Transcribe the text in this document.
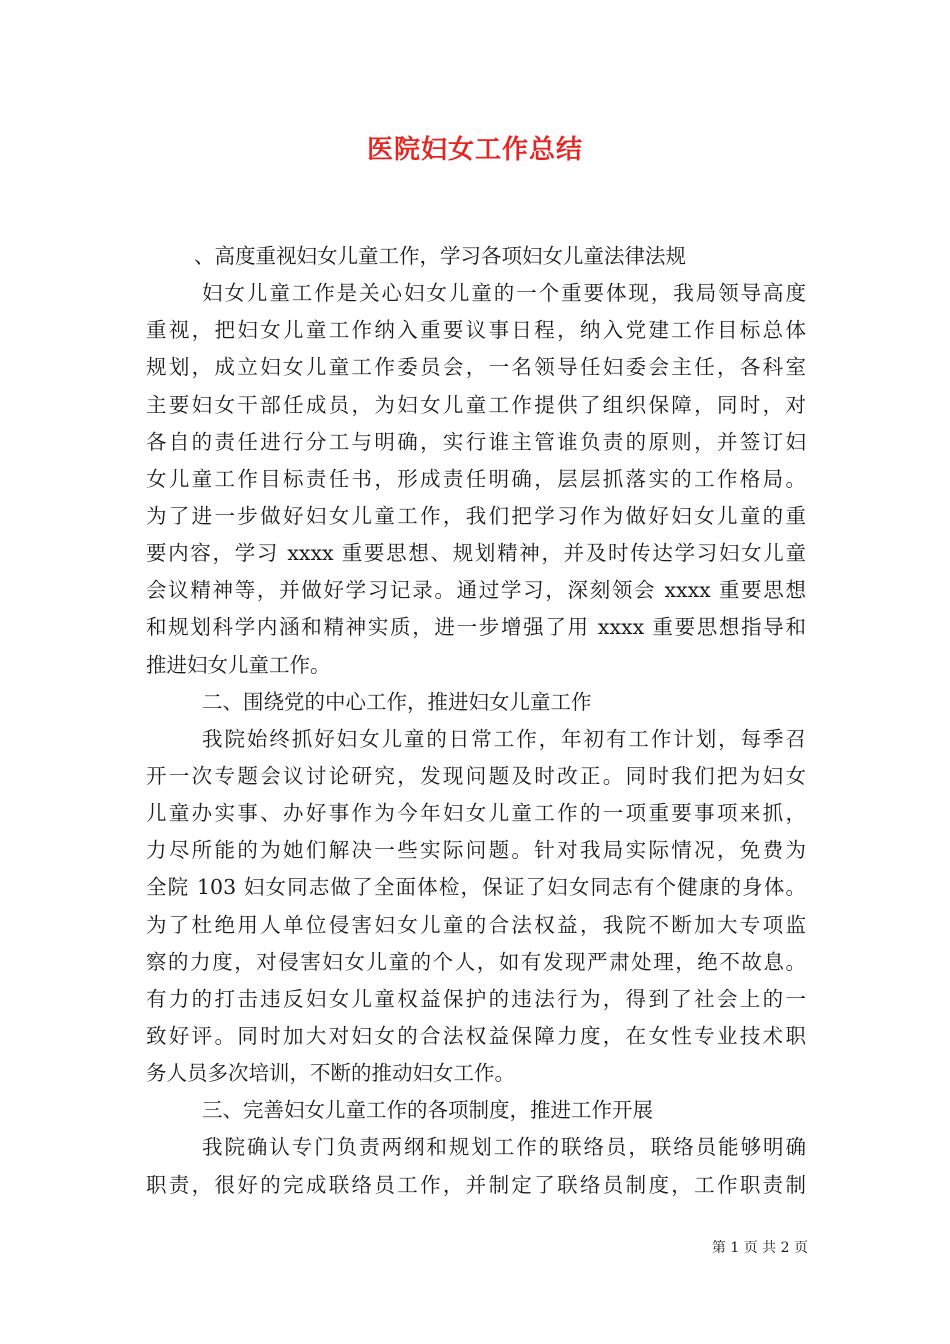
医院妇女工作总结
、高度重视妇女儿童工作，学习各项妇女儿童法律法规
妇女儿童工作是关心妇女儿童的一个重要体现，我局领导高度
重视，把妇女儿童工作纳入重要议事日程，纳入党建工作目标总体
规划，成立妇女儿童工作委员会，一名领导任妇委会主任，各科室
主要妇女干部任成员，为妇女儿童工作提供了组织保障，同时，对
各自的责任进行分工与明确，实行谁主管谁负责的原则，并签订妇
女儿童工作目标责任书，形成责任明确，层层抓落实的工作格局。
为了进一步做好妇女儿童工作，我们把学习作为做好妇女儿童的重
要内容，学习 xxxx 重要思想、规划精神，并及时传达学习妇女儿童
会议精神等，并做好学习记录。通过学习，深刻领会 xxxx 重要思想
和规划科学内涵和精神实质，进一步增强了用 xxxx 重要思想指导和
推进妇女儿童工作。
二、围绕党的中心工作，推进妇女儿童工作
我院始终抓好妇女儿童的日常工作，年初有工作计划，每季召
开一次专题会议讨论研究，发现问题及时改正。同时我们把为妇女
儿童办实事、办好事作为今年妇女儿童工作的一项重要事项来抓，
力尽所能的为她们解决一些实际问题。针对我局实际情况，免费为
全院 103 妇女同志做了全面体检，保证了妇女同志有个健康的身体。
为了杜绝用人单位侵害妇女儿童的合法权益，我院不断加大专项监
察的力度，对侵害妇女儿童的个人，如有发现严肃处理，绝不故息。
有力的打击违反妇女儿童权益保护的违法行为，得到了社会上的一
致好评。同时加大对妇女的合法权益保障力度，在女性专业技术职
务人员多次培训，不断的推动妇女工作。
三、完善妇女儿童工作的各项制度，推进工作开展
我院确认专门负责两纲和规划工作的联络员，联络员能够明确
职责，很好的完成联络员工作，并制定了联络员制度，工作职责制
第 1 页 共 2 页
